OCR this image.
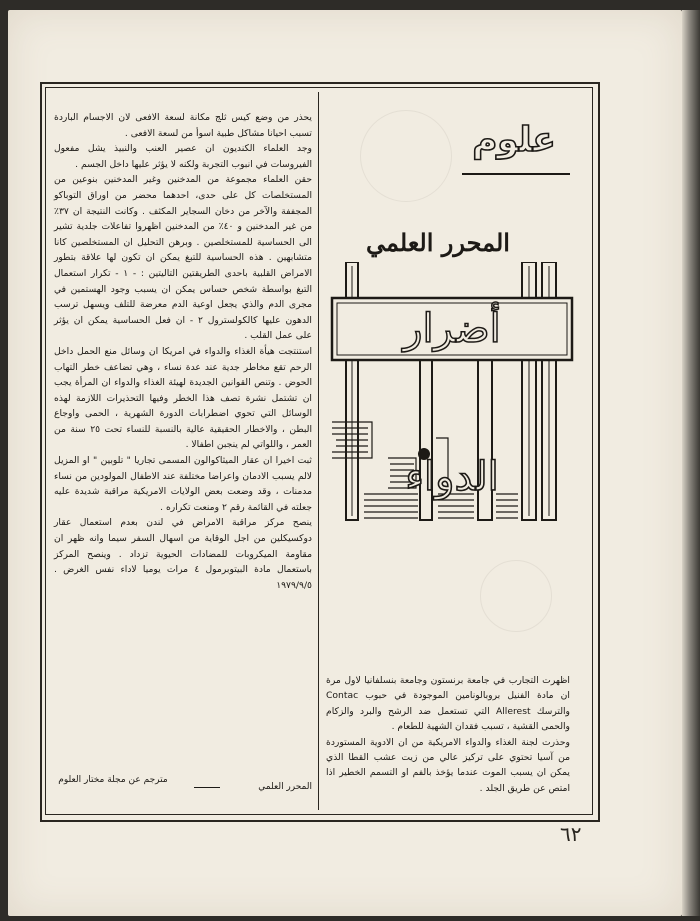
علوم
المحرر العلمي
الدواء
أضرار

يحذر من وضع كيس ثلج مكانة لسعة الافعى لان الاجسام الباردة تسبب احيانا مشاكل طبية اسوأ من لسعة الافعى .

وجد العلماء الكنديون ان عصير العنب والنبيذ يشل مفعول الفيروسات في انبوب التجربة ولكنه لا يؤثر عليها داخل الجسم .

حقن العلماء مجموعة من المدخنين وغير المدخنين بنوعين من المستخلصات كل على حدى، احدهما محضر من اوراق التوباكو المجففة والآخر من دخان السجاير المكثف . وكانت النتيجة ان ٣٧٪ من غير المدخنين و ٤٠٪ من المدخنين اظهروا تفاعلات جلدية تشير الى الحساسية للمستخلصين . وبرهن التحليل ان المستخلصين كانا متشابهين . هذه الحساسية للتبغ يمكن ان تكون لها علاقة بتطور الامراض القلبية باحدى الطريقتين التاليتين : - ١ - تكرار استعمال التبغ بواسطة شخص حساس يمكن ان يسبب وجود الهستمين في مجرى الدم والذي يجعل اوعية الدم معرضة للتلف ويسهل ترسب الدهون عليها كالكولسترول ٢ - ان فعل الحساسية يمكن ان يؤثر على عمل القلب .

استنتجت هيأة الغذاء والدواء في امريكا ان وسائل منع الحمل داخل الرحم تقع مخاطر جدية عند عدة نساء ، وهي تضاعف خطر التهاب الحوض . وتنص القوانين الجديدة لهيئة الغذاء والدواء ان المرأة يجب ان تشتمل نشرة تصف هذا الخطر وفيها التحذيرات اللازمة لهذه الوسائل التي تحوي اضطرابات الدورة الشهرية ، الحمى واوجاع البطن ، والاخطار الحقيقية عالية بالنسبة للنساء تحت ٢٥ سنة من العمر ، واللواتي لم ينجبن اطفالا .

ثبت اخيرا ان عقار الميثاكوالون المسمى تجاريا " تلوبين " او المزيل لالم يسبب الادمان واعراضا مختلفة عند الاطفال المولودين من نساء مدمنات ، وقد وضعت بعض الولايات الامريكية مراقبة شديدة عليه جعلته في القائمة رقم ٢ ومنعت تكراره .

ينصح مركز مراقبة الامراض في لندن بعدم استعمال عقار دوكسيكلين من اجل الوقاية من اسهال السفر سيما وانه ظهر ان مقاومة الميكروبات للمضادات الحيوية تزداد . وينصح المركز باستعمال مادة البيتوبرمول ٤ مرات يوميا لاداء نفس الغرض . ١٩٧٩/٩/٥

المحرر العلمي
مترجم عن مجلة مختار العلوم

اظهرت التجارب في جامعة برنستون وجامعة بنسلفانيا لاول مرة ان مادة الفنيل بروبالونامين الموجودة في حبوب Contac والترسك Allerest التي تستعمل ضد الرشح والبرد والزكام والحمى القشية ، تسبب فقدان الشهية للطعام .

وحذرت لجنة الغذاء والدواء الامريكية من ان الادوية المستوردة من آسيا تحتوي على تركيز عالي من زيت عشب القطا الذي يمكن ان يسبب الموت عندما يؤخذ بالفم او التسمم الخطير اذا امتص عن طريق الجلد .

٦٢
